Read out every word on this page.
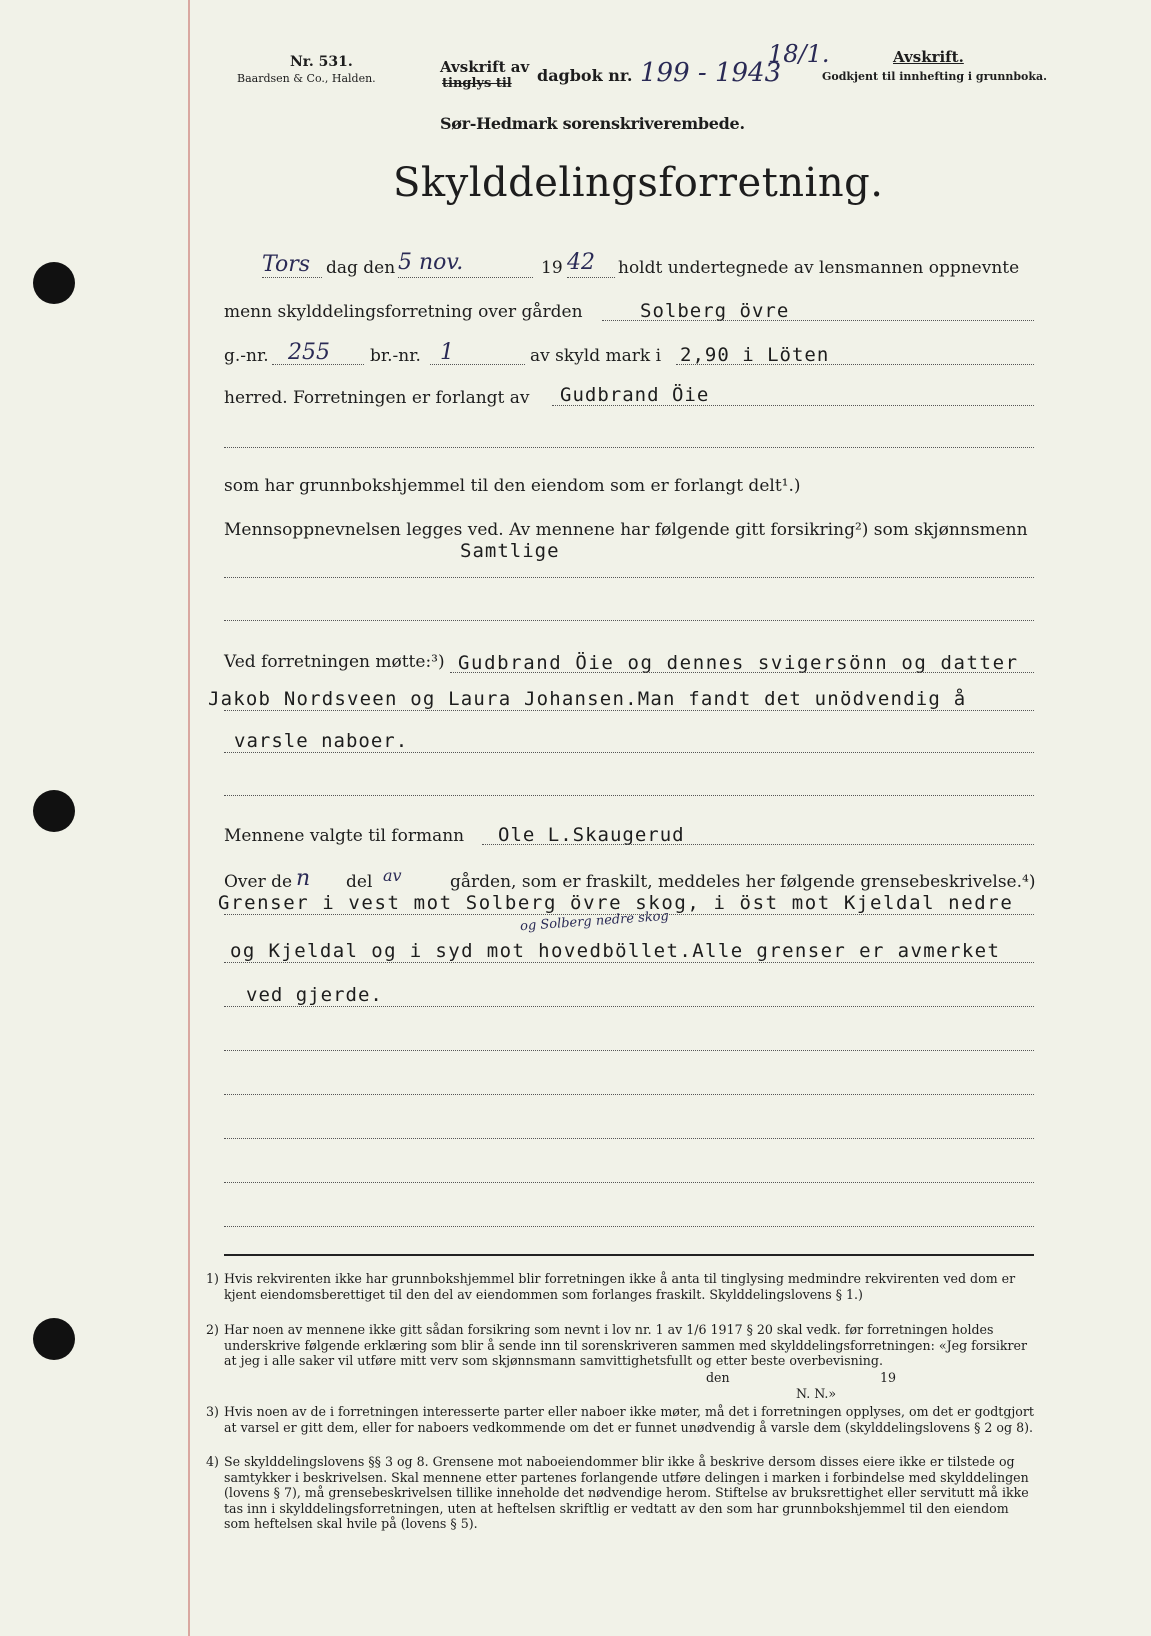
Nr. 531.
Baardsen & Co., Halden.
Avskrift av
tinglys til dagbok nr. 199 - 1943
18/1.	Avskrift.
Godkjent til innhefting i grunnboka.
Sør-Hedmark sorenskriverembede.
Skylddelingsforretning.
Tors dag den 5 nov.	19 42 holdt undertegnede av lensmannen oppnevnte
menn skylddelingsforretning over gården	Solberg övre
g.-nr. 255 br.-nr. 1	av skyld mark i 2,90 i Löten
herred. Forretningen er forlangt av Gudbrand Öie
som har grunnbokshjemmel til den eiendom som er forlangt delt¹.)
Mennsoppnevnelsen legges ved. Av mennene har følgende gitt forsikring²) som skjønnsmenn
Samtlige
Ved forretningen møtte:³) Gudbrand Öie og dennes svigersönn og datter
Jakob Nordsveen og Laura Johansen.Man fandt det unödvendig å
varsle naboer.
Mennene valgte til formann Ole L.Skaugerud
Over de n del av	gården, som er fraskilt, meddeles her følgende grensebeskrivelse.⁴)
Grenser i vest mot Solberg övre skog, i öst mot Kjeldal nedre
og Solberg nedre skog
og Kjeldal og i syd mot hovedböllet.Alle grenser er avmerket
ved gjerde.
1) Hvis rekvirenten ikke har grunnbokshjemmel blir forretningen ikke å anta til tinglysing medmindre rekvirenten ved dom er kjent eiendomsberettiget til den del av eiendommen som forlanges fraskilt. Skylddelingslovens § 1.)
2) Har noen av mennene ikke gitt sådan forsikring som nevnt i lov nr. 1 av 1/6 1917 § 20 skal vedk. før forretningen holdes underskrive følgende erklæring som blir å sende inn til sorenskriveren sammen med skylddelingsforretningen: «Jeg forsikrer at jeg i alle saker vil utføre mitt verv som skjønnsmann samvittighetsfullt og etter beste overbevisning.
den	19
N. N.»
3) Hvis noen av de i forretningen interesserte parter eller naboer ikke møter, må det i forretningen opplyses, om det er godtgjort at varsel er gitt dem, eller for naboers vedkommende om det er funnet unødvendig å varsle dem (skylddelingslovens § 2 og 8).
4) Se skylddelingslovens §§ 3 og 8. Grensene mot naboeiendommer blir ikke å beskrive dersom disses eiere ikke er tilstede og samtykker i beskrivelsen. Skal mennene etter partenes forlangende utføre delingen i marken i forbindelse med skylddelingen (lovens § 7), må grensebeskrivelsen tillike inneholde det nødvendige herom. Stiftelse av bruksrettighet eller servitutt må ikke tas inn i skylddelingsforretningen, uten at heftelsen skriftlig er vedtatt av den som har grunnbokshjemmel til den eiendom som heftelsen skal hvile på (lovens § 5).
